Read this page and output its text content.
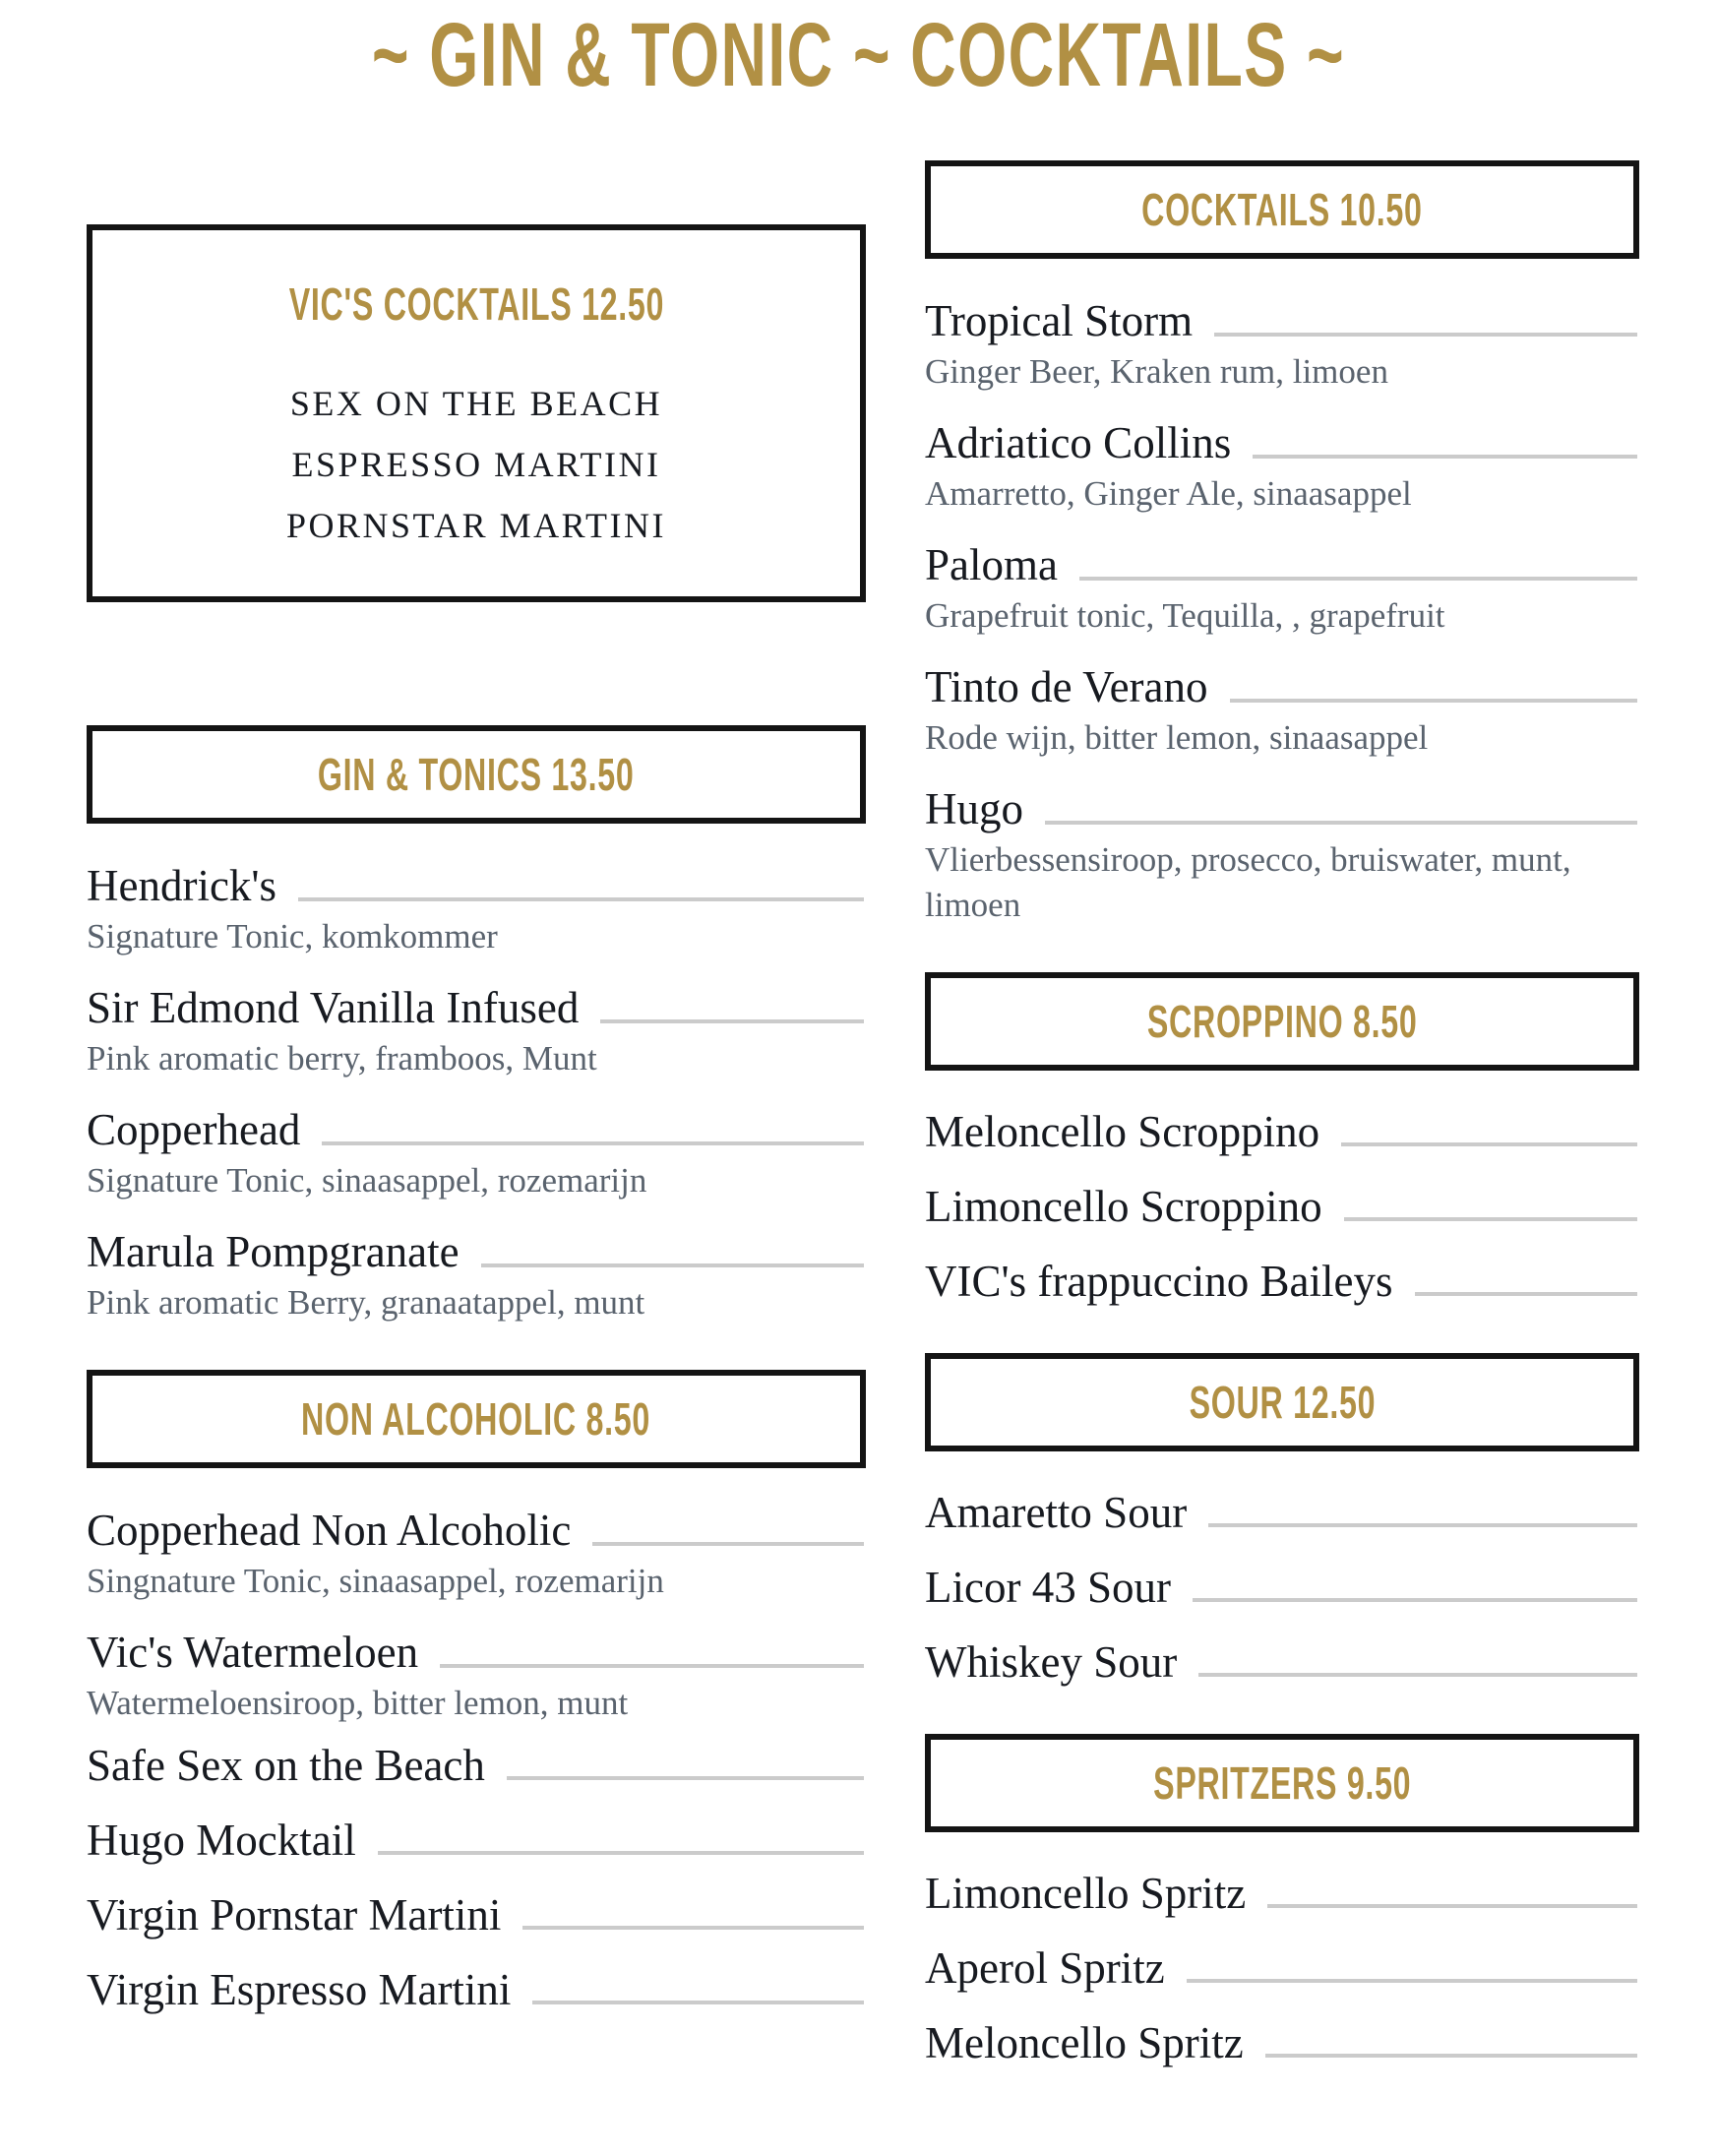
~ GIN & TONIC ~ COCKTAILS ~
VIC'S COCKTAILS 12.50
SEX ON THE BEACH
ESPRESSO MARTINI
PORNSTAR MARTINI
GIN & TONICS 13.50
Hendrick's
Signature Tonic, komkommer
Sir Edmond Vanilla Infused
Pink aromatic berry, framboos, Munt
Copperhead
Signature Tonic, sinaasappel, rozemarijn
Marula Pompgranate
Pink aromatic Berry, granaatappel, munt
NON ALCOHOLIC 8.50
Copperhead Non Alcoholic
Singnature Tonic, sinaasappel, rozemarijn
Vic's Watermeloen
Watermeloensiroop, bitter lemon, munt
Safe Sex on the Beach
Hugo Mocktail
Virgin Pornstar Martini
Virgin Espresso Martini
COCKTAILS 10.50
Tropical Storm
Ginger Beer, Kraken rum, limoen
Adriatico Collins
Amarretto, Ginger Ale, sinaasappel
Paloma
Grapefruit tonic, Tequilla, , grapefruit
Tinto de Verano
Rode wijn, bitter lemon, sinaasappel
Hugo
Vlierbessensiroop, prosecco, bruiswater, munt, limoen
SCROPPINO 8.50
Meloncello Scroppino
Limoncello Scroppino
VIC's frappuccino Baileys
SOUR 12.50
Amaretto Sour
Licor 43 Sour
Whiskey Sour
SPRITZERS 9.50
Limoncello Spritz
Aperol Spritz
Meloncello Spritz
